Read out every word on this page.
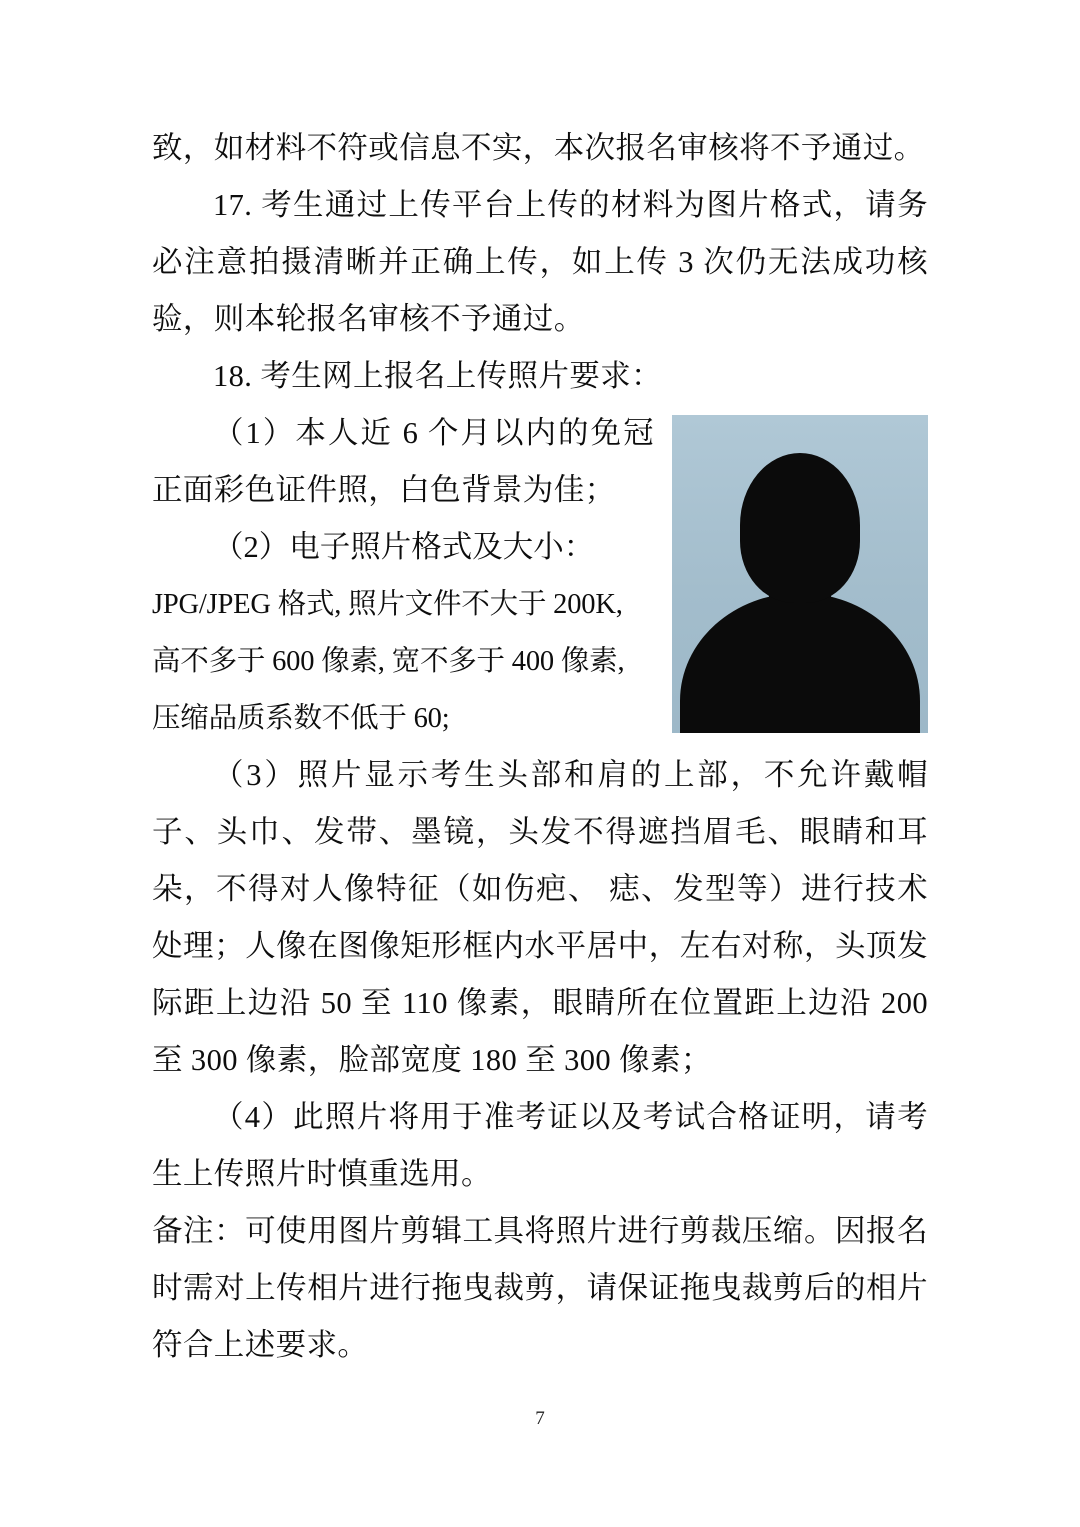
致，如材料不符或信息不实，本次报名审核将不予通过。

17. 考生通过上传平台上传的材料为图片格式，请务必注意拍摄清晰并正确上传，如上传 3 次仍无法成功核验，则本轮报名审核不予通过。

18. 考生网上报名上传照片要求：

（1）本人近 6 个月以内的免冠正面彩色证件照，白色背景为佳；

（2）电子照片格式及大小：

JPG/JPEG 格式, 照片文件不大于 200K,

高不多于 600 像素, 宽不多于 400 像素,

压缩品质系数不低于 60;

（3）照片显示考生头部和肩的上部，不允许戴帽子、头巾、发带、墨镜，头发不得遮挡眉毛、眼睛和耳朵，不得对人像特征（如伤疤、 痣、发型等）进行技术处理；人像在图像矩形框内水平居中，左右对称，头顶发际距上边沿 50 至 110 像素，眼睛所在位置距上边沿 200 至 300 像素，脸部宽度 180 至 300 像素；

（4）此照片将用于准考证以及考试合格证明，请考生上传照片时慎重选用。

备注：可使用图片剪辑工具将照片进行剪裁压缩。因报名时需对上传相片进行拖曳裁剪，请保证拖曳裁剪后的相片符合上述要求。

7
